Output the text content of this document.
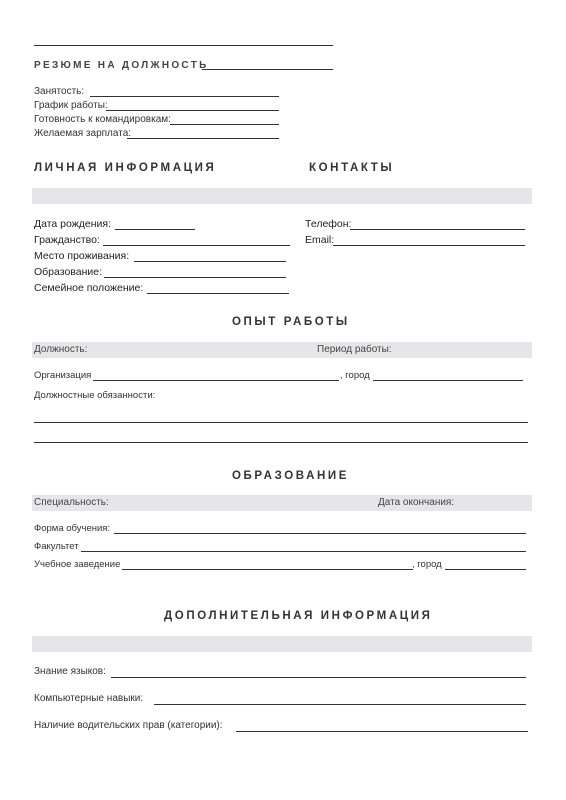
РЕЗЮМЕ НА ДОЛЖНОСТЬ
Занятость:
График работы:
Готовность к командировкам:
Желаемая зарплата:
ЛИЧНАЯ ИНФОРМАЦИЯ	КОНТАКТЫ
Дата рождения:
Гражданство:
Место проживания:
Образование:
Семейное положение:
Телефон:
Email:
ОПЫТ РАБОТЫ
Должность:	Период работы:
Организация	, город
Должностные обязанности:
ОБРАЗОВАНИЕ
Специальность:	Дата окончания:
Форма обучения:
Факультет
Учебное заведение	, город
ДОПОЛНИТЕЛЬНАЯ ИНФОРМАЦИЯ
Знание языков:
Компьютерные навыки:
Наличие водительских прав (категории):
